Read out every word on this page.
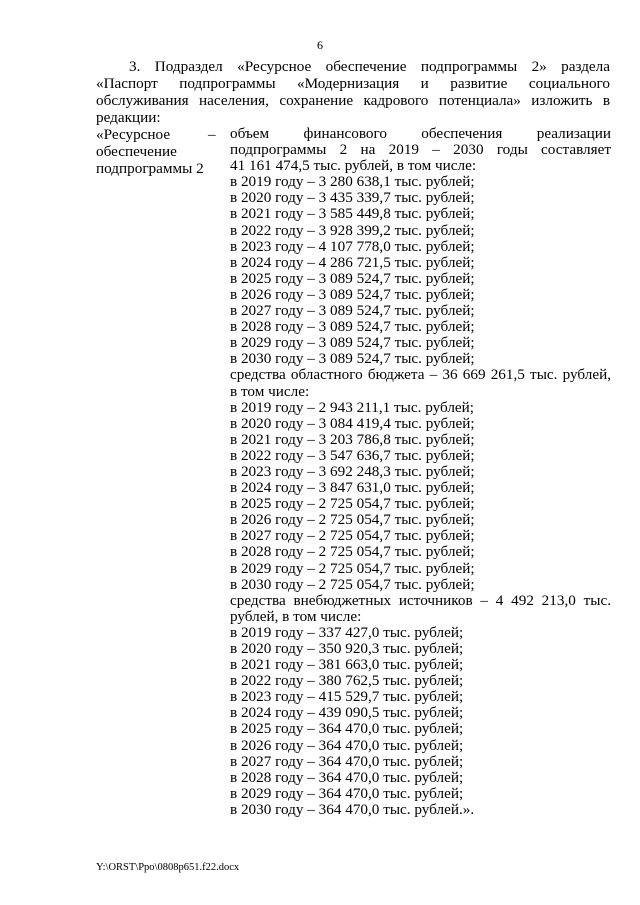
6

3. Подраздел «Ресурсное обеспечение подпрограммы 2» раздела «Паспорт подпрограммы «Модернизация и развитие социального обслуживания населения, сохранение кадрового потенциала» изложить в редакции:

«Ресурсное
обеспечение
подпрограммы 2
– объем финансового обеспечения реализации
подпрограммы 2 на 2019 – 2030 годы составляет
41 161 474,5 тыс. рублей, в том числе:
в 2019 году – 3 280 638,1 тыс. рублей;
в 2020 году – 3 435 339,7 тыс. рублей;
в 2021 году – 3 585 449,8 тыс. рублей;
в 2022 году – 3 928 399,2 тыс. рублей;
в 2023 году – 4 107 778,0 тыс. рублей;
в 2024 году – 4 286 721,5 тыс. рублей;
в 2025 году – 3 089 524,7 тыс. рублей;
в 2026 году – 3 089 524,7 тыс. рублей;
в 2027 году – 3 089 524,7 тыс. рублей;
в 2028 году – 3 089 524,7 тыс. рублей;
в 2029 году – 3 089 524,7 тыс. рублей;
в 2030 году – 3 089 524,7 тыс. рублей;
средства областного бюджета – 36 669 261,5 тыс. рублей,
в том числе:
в 2019 году – 2 943 211,1 тыс. рублей;
в 2020 году – 3 084 419,4 тыс. рублей;
в 2021 году – 3 203 786,8 тыс. рублей;
в 2022 году – 3 547 636,7 тыс. рублей;
в 2023 году – 3 692 248,3 тыс. рублей;
в 2024 году – 3 847 631,0 тыс. рублей;
в 2025 году – 2 725 054,7 тыс. рублей;
в 2026 году – 2 725 054,7 тыс. рублей;
в 2027 году – 2 725 054,7 тыс. рублей;
в 2028 году – 2 725 054,7 тыс. рублей;
в 2029 году – 2 725 054,7 тыс. рублей;
в 2030 году – 2 725 054,7 тыс. рублей;
средства внебюджетных источников – 4 492 213,0 тыс.
рублей, в том числе:
в 2019 году – 337 427,0 тыс. рублей;
в 2020 году – 350 920,3 тыс. рублей;
в 2021 году – 381 663,0 тыс. рублей;
в 2022 году – 380 762,5 тыс. рублей;
в 2023 году – 415 529,7 тыс. рублей;
в 2024 году – 439 090,5 тыс. рублей;
в 2025 году – 364 470,0 тыс. рублей;
в 2026 году – 364 470,0 тыс. рублей;
в 2027 году – 364 470,0 тыс. рублей;
в 2028 году – 364 470,0 тыс. рублей;
в 2029 году – 364 470,0 тыс. рублей;
в 2030 году – 364 470,0 тыс. рублей.».
Y:\ORST\Ppo\0808p651.f22.docx
